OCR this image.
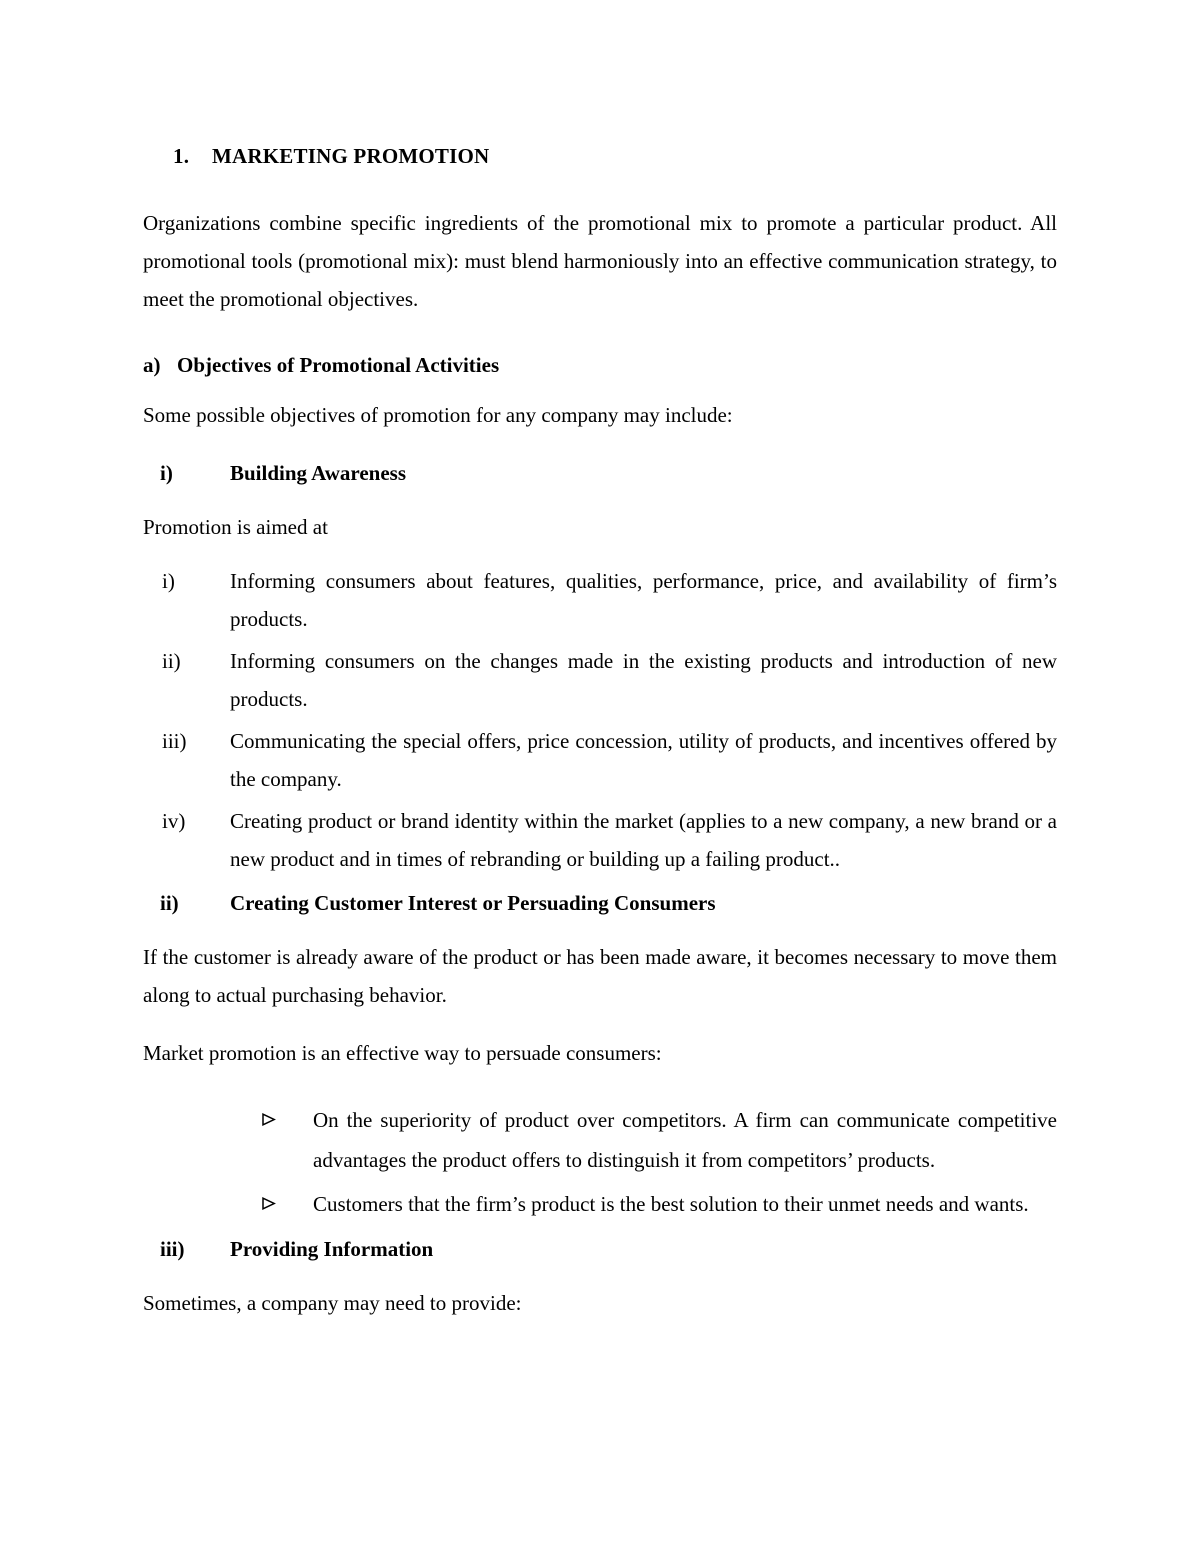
1. MARKETING PROMOTION

Organizations combine specific ingredients of the promotional mix to promote a particular product. All promotional tools (promotional mix): must blend harmoniously into an effective communication strategy, to meet the promotional objectives.

a) Objectives of Promotional Activities

Some possible objectives of promotion for any company may include:

i)	Building Awareness

Promotion is aimed at

i)	Informing consumers about features, qualities, performance, price, and availability of firm’s products.
ii) Informing consumers on the changes made in the existing products and introduction of new products.
iii) Communicating the special offers, price concession, utility of products, and incentives offered by the company.
iv) Creating product or brand identity within the market (applies to a new company, a new brand or a new product and in times of rebranding or building up a failing product..
ii) Creating Customer Interest or Persuading Consumers

If the customer is already aware of the product or has been made aware, it becomes necessary to move them along to actual purchasing behavior.

Market promotion is an effective way to persuade consumers:

On the superiority of product over competitors. A firm can communicate competitive advantages the product offers to distinguish it from competitors’ products.
Customers that the firm’s product is the best solution to their unmet needs and wants.
iii) Providing Information

Sometimes, a company may need to provide:
